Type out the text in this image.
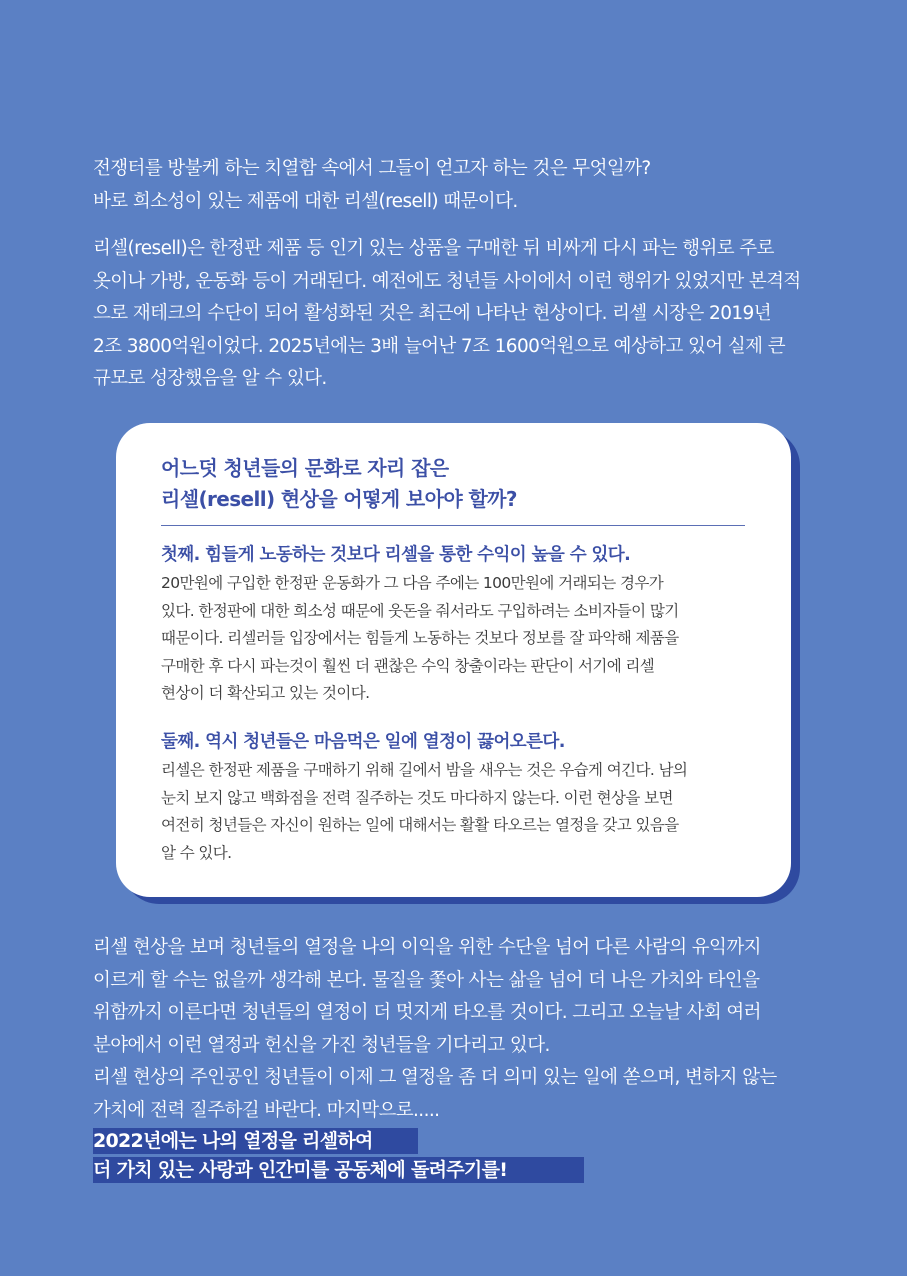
전쟁터를 방불케 하는 치열함 속에서 그들이 얻고자 하는 것은 무엇일까?

바로 희소성이 있는 제품에 대한 리셀(resell) 때문이다.

리셀(resell)은 한정판 제품 등 인기 있는 상품을 구매한 뒤 비싸게 다시 파는 행위로 주로

옷이나 가방, 운동화 등이 거래된다. 예전에도 청년들 사이에서 이런 행위가 있었지만 본격적

으로 재테크의 수단이 되어 활성화된 것은 최근에 나타난 현상이다. 리셀 시장은 2019년

2조 3800억원이었다. 2025년에는 3배 늘어난 7조 1600억원으로 예상하고 있어 실제 큰

규모로 성장했음을 알 수 있다.

어느덧 청년들의 문화로 자리 잡은
리셀(resell) 현상을 어떻게 보아야 할까?
첫째. 힘들게 노동하는 것보다 리셀을 통한 수익이 높을 수 있다.

20만원에 구입한 한정판 운동화가 그 다음 주에는 100만원에 거래되는 경우가

있다. 한정판에 대한 희소성 때문에 웃돈을 줘서라도 구입하려는 소비자들이 많기

때문이다. 리셀러들 입장에서는 힘들게 노동하는 것보다 정보를 잘 파악해 제품을

구매한 후 다시 파는것이 훨씬 더 괜찮은 수익 창출이라는 판단이 서기에 리셀

현상이 더 확산되고 있는 것이다.

둘째. 역시 청년들은 마음먹은 일에 열정이 끓어오른다.

리셀은 한정판 제품을 구매하기 위해 길에서 밤을 새우는 것은 우습게 여긴다. 남의

눈치 보지 않고 백화점을 전력 질주하는 것도 마다하지 않는다. 이런 현상을 보면

여전히 청년들은 자신이 원하는 일에 대해서는 활활 타오르는 열정을 갖고 있음을

알 수 있다.

리셀 현상을 보며 청년들의 열정을 나의 이익을 위한 수단을 넘어 다른 사람의 유익까지

이르게 할 수는 없을까 생각해 본다. 물질을 쫓아 사는 삶을 넘어 더 나은 가치와 타인을

위함까지 이른다면 청년들의 열정이 더 멋지게 타오를 것이다. 그리고 오늘날 사회 여러

분야에서 이런 열정과 헌신을 가진 청년들을 기다리고 있다.

리셀 현상의 주인공인 청년들이 이제 그 열정을 좀 더 의미 있는 일에 쏟으며, 변하지 않는

가치에 전력 질주하길 바란다. 마지막으로.....

2022년에는 나의 열정을 리셀하여
더 가치 있는 사랑과 인간미를 공동체에 돌려주기를!
